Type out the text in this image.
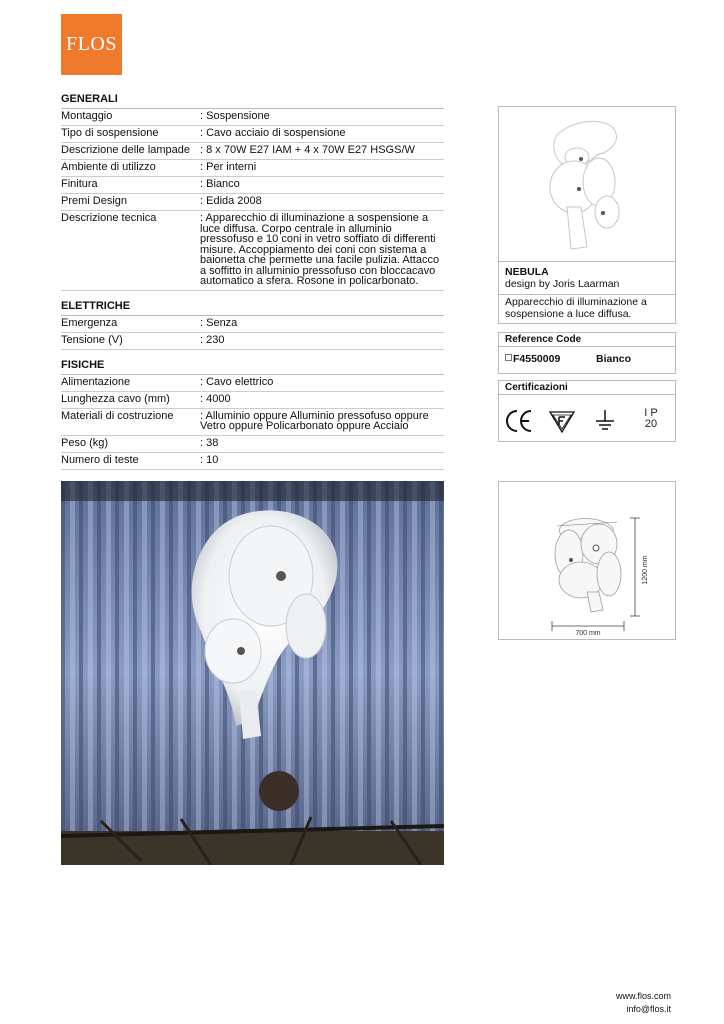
FLOS
GENERALI
Montaggio	: Sospensione
Tipo di sospensione	: Cavo acciaio di sospensione
Descrizione delle lampade : 8 x 70W E27 IAM + 4 x 70W E27 HSGS/W
Ambiente di utilizzo	: Per interni
Finitura	: Bianco
Premi Design	: Edida 2008
Descrizione tecnica	: Apparecchio di illuminazione a sospensione a luce diffusa. Corpo centrale in alluminio pressofuso e 10 coni in vetro soffiato di differenti misure. Accoppiamento dei coni con sistema a baionetta che permette una facile pulizia. Attacco a soffitto in alluminio pressofuso con bloccacavo automatico a sfera. Rosone in policarbonato.
ELETTRICHE
Emergenza	: Senza
Tensione (V)	: 230
FISICHE
Alimentazione	: Cavo elettrico
Lunghezza cavo (mm)	: 4000
Materiali di costruzione	: Alluminio oppure Alluminio pressofuso oppure Vetro oppure Policarbonato oppure Acciaio
Peso (kg)	: 38
Numero di teste	: 10
NEBULA
design by Joris Laarman
Apparecchio di illuminazione a sospensione a luce diffusa.
Reference Code
F4550009	Bianco
Certificazioni
I P
20
1200 mm
700 mm
www.flos.com
info@flos.it
